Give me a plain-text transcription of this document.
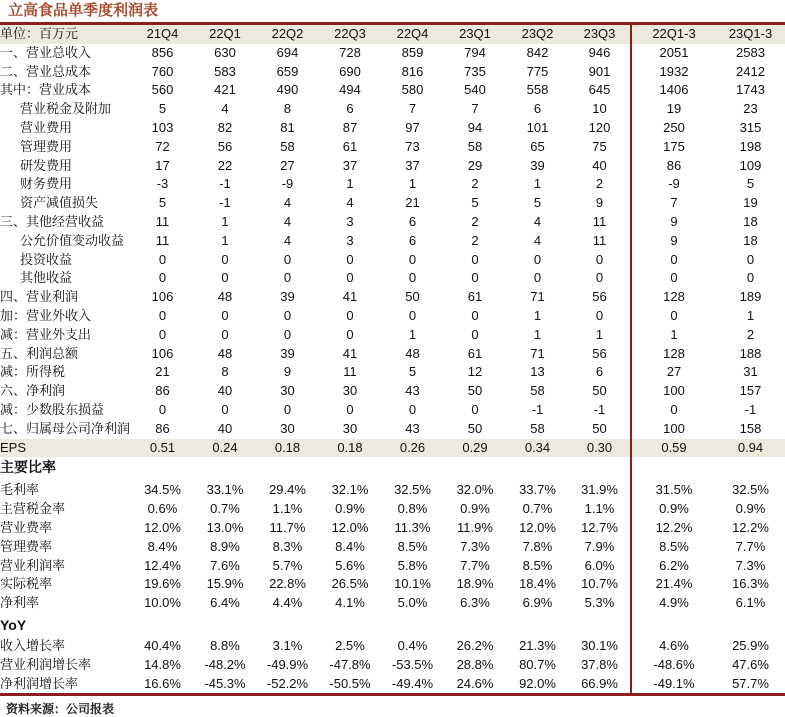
立高食品单季度利润表
单位：百万元	21Q4	22Q1	22Q2	22Q3	22Q4	23Q1	23Q2	23Q3	22Q1-3	23Q1-3
一、营业总收入	856	630	694	728	859	794	842	946	2051	2583
二、营业总成本	760	583	659	690	816	735	775	901	1932	2412
其中：营业成本	560	421	490	494	580	540	558	645	1406	1743
营业税金及附加	5	4	8	6	7	7	6	10	19	23
营业费用	103	82	81	87	97	94	101	120	250	315
管理费用	72	56	58	61	73	58	65	75	175	198
研发费用	17	22	27	37	37	29	39	40	86	109
财务费用	-3	-1	-9	1	1	2	1	2	-9	5
资产减值损失	5	-1	4	4	21	5	5	9	7	19
三、其他经营收益	11	1	4	3	6	2	4	11	9	18
公允价值变动收益	11	1	4	3	6	2	4	11	9	18
投资收益	0	0	0	0	0	0	0	0	0	0
其他收益	0	0	0	0	0	0	0	0	0	0
四、营业利润	106	48	39	41	50	61	71	56	128	189
加：营业外收入	0	0	0	0	0	0	1	0	0	1
减：营业外支出	0	0	0	0	1	0	1	1	1	2
五、利润总额	106	48	39	41	48	61	71	56	128	188
减：所得税	21	8	9	11	5	12	13	6	27	31
六、净利润	86	40	30	30	43	50	58	50	100	157
减：少数股东损益	0	0	0	0	0	0	-1	-1	0	-1
七、归属母公司净利润	86	40	30	30	43	50	58	50	100	158
EPS	0.51	0.24	0.18	0.18	0.26	0.29	0.34	0.30	0.59	0.94
主要比率										
毛利率	34.5%	33.1%	29.4%	32.1%	32.5%	32.0%	33.7%	31.9%	31.5%	32.5%
主营税金率	0.6%	0.7%	1.1%	0.9%	0.8%	0.9%	0.7%	1.1%	0.9%	0.9%
营业费率	12.0%	13.0%	11.7%	12.0%	11.3%	11.9%	12.0%	12.7%	12.2%	12.2%
管理费率	8.4%	8.9%	8.3%	8.4%	8.5%	7.3%	7.8%	7.9%	8.5%	7.7%
营业利润率	12.4%	7.6%	5.7%	5.6%	5.8%	7.7%	8.5%	6.0%	6.2%	7.3%
实际税率	19.6%	15.9%	22.8%	26.5%	10.1%	18.9%	18.4%	10.7%	21.4%	16.3%
净利率	10.0%	6.4%	4.4%	4.1%	5.0%	6.3%	6.9%	5.3%	4.9%	6.1%
YoY										
收入增长率	40.4%	8.8%	3.1%	2.5%	0.4%	26.2%	21.3%	30.1%	4.6%	25.9%
营业利润增长率	14.8%	-48.2%	-49.9%	-47.8%	-53.5%	28.8%	80.7%	37.8%	-48.6%	47.6%
净利润增长率	16.6%	-45.3%	-52.2%	-50.5%	-49.4%	24.6%	92.0%	66.9%	-49.1%	57.7%
资料来源：公司报表
